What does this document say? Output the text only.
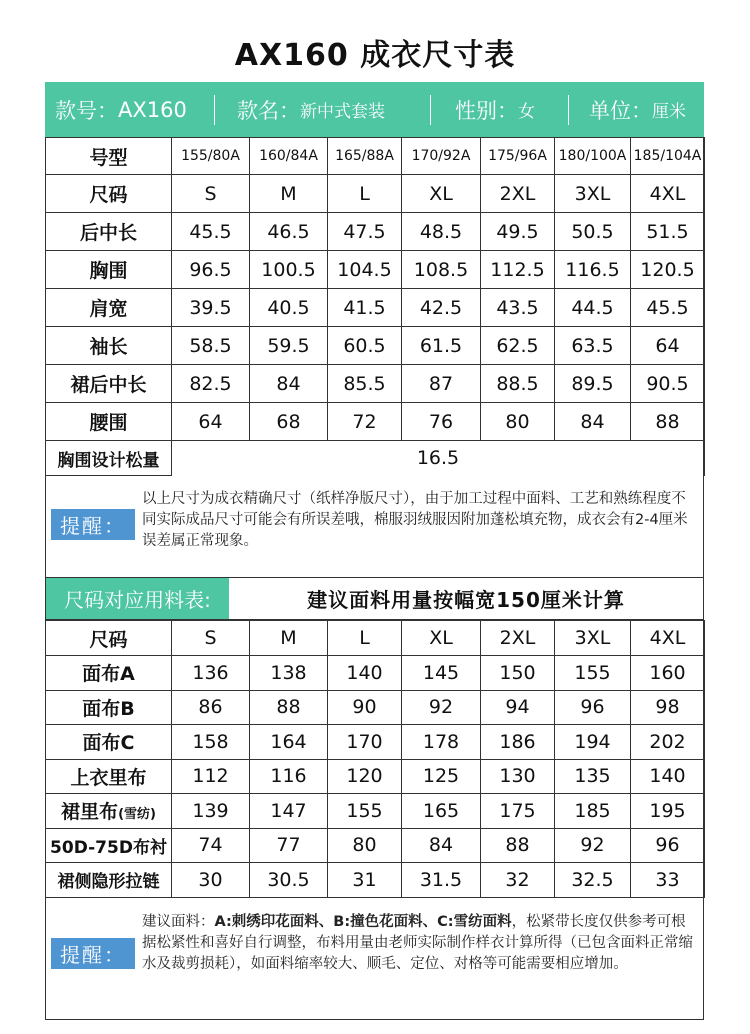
AX160 成衣尺寸表
款号： AX160 款名： 新中式套装	性别： 女	单位： 厘米
号型	155/80A	160/84A	165/88A	170/92A	175/96A	180/100A	185/104A
尺码	S	M	L	XL	2XL	3XL	4XL
后中长	45.5	46.5	47.5	48.5	49.5	50.5	51.5
胸围	96.5	100.5	104.5	108.5	112.5	116.5	120.5
肩宽	39.5	40.5	41.5	42.5	43.5	44.5	45.5
袖长	58.5	59.5	60.5	61.5	62.5	63.5	64
裙后中长	82.5	84	85.5	87	88.5	89.5	90.5
腰围	64	68	72	76	80	84	88
胸围设计松量	16.5						
提醒：
以上尺寸为成衣精确尺寸（纸样净版尺寸），由于加工过程中面料、工艺和熟练程度不同实际成品尺寸可能会有所误差哦，棉服羽绒服因附加蓬松填充物，成衣会有2-4厘米误差属正常现象。
尺码对应用料表:	建议面料用量按幅宽150厘米计算
尺码	S	M	L	XL	2XL	3XL	4XL
面布A	136	138	140	145	150	155	160
面布B	86	88	90	92	94	96	98
面布C	158	164	170	178	186	194	202
上衣里布	112	116	120	125	130	135	140
裙里布(雪纺)	139	147	155	165	175	185	195
50D-75D布衬	74	77	80	84	88	92	96
裙侧隐形拉链	30	30.5	31	31.5	32	32.5	33
提醒：
建议面料：A:刺绣印花面料、B:撞色花面料、C:雪纺面料，松紧带长度仅供参考可根据松紧性和喜好自行调整，布料用量由老师实际制作样衣计算所得（已包含面料正常缩水及裁剪损耗），如面料缩率较大、顺毛、定位、对格等可能需要相应增加。
